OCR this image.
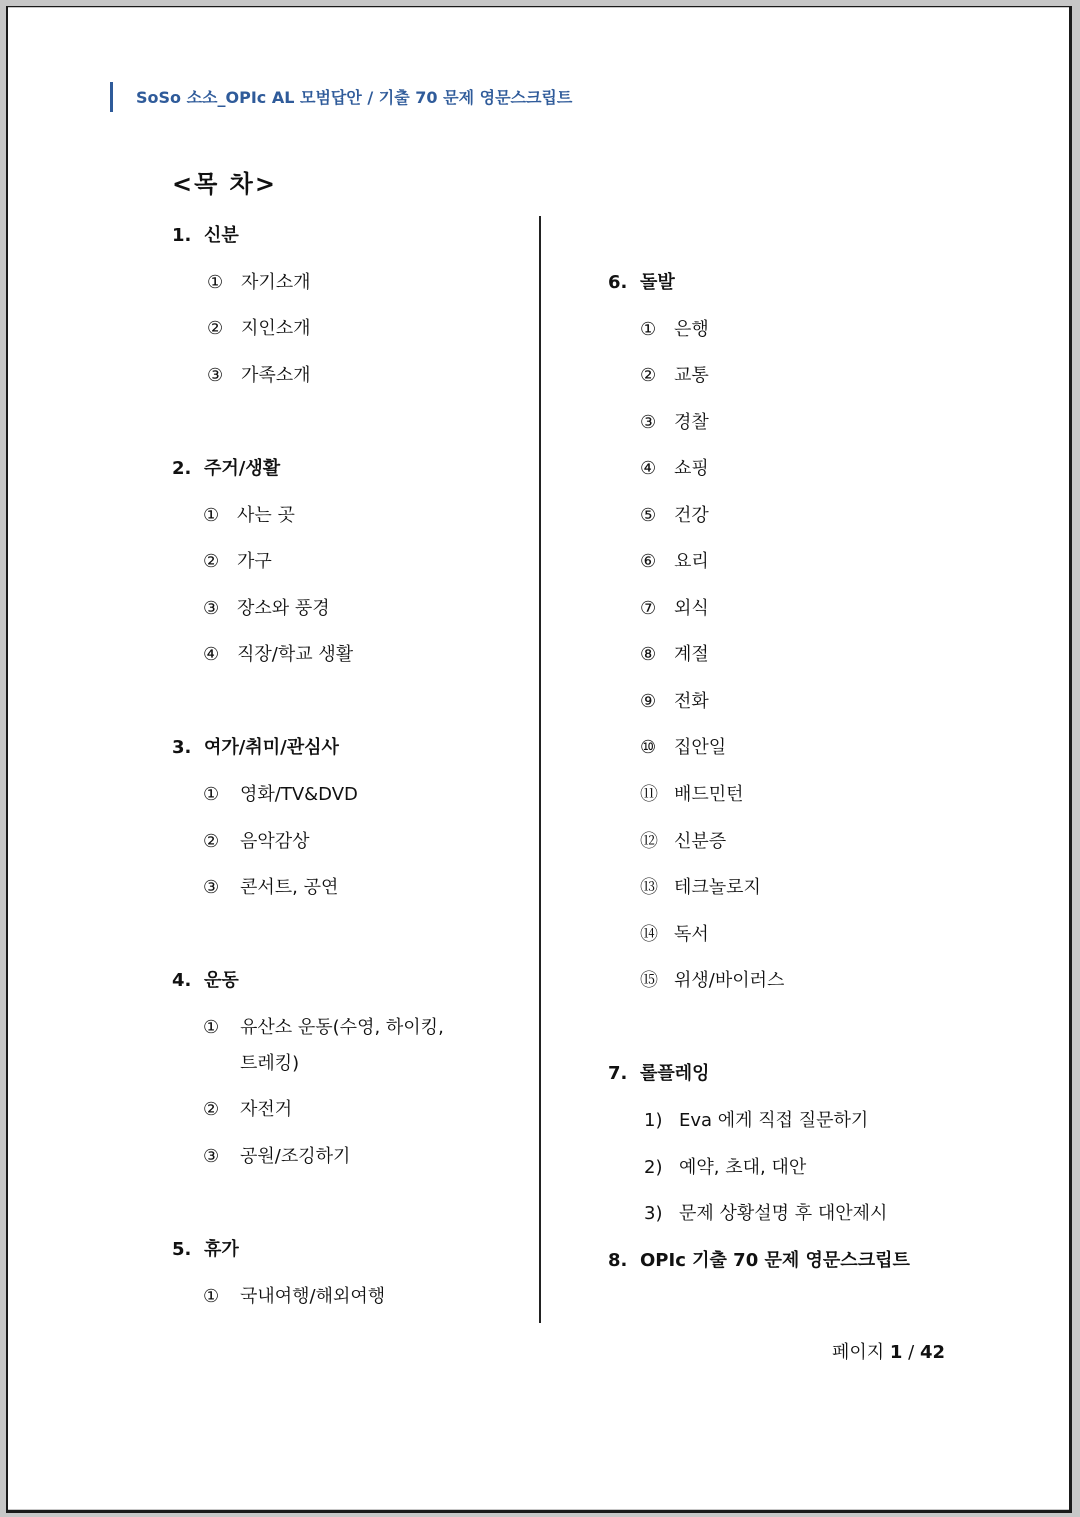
SoSo 소소_OPIc AL 모범답안 / 기출 70 문제 영문스크립트
<목 차>
1. 신분
① 자기소개
② 지인소개
③ 가족소개
2. 주거/생활
① 사는 곳
② 가구
③ 장소와 풍경
④ 직장/학교 생활
3. 여가/취미/관심사
① 영화/TV&DVD
② 음악감상
③ 콘서트, 공연
4. 운동
① 유산소 운동(수영, 하이킹,
트레킹)
② 자전거
③ 공원/조깅하기
5. 휴가
① 국내여행/해외여행
6. 돌발
① 은행
② 교통
③ 경찰
④ 쇼핑
⑤ 건강
⑥ 요리
⑦ 외식
⑧ 계절
⑨ 전화
⑩ 집안일
⑪ 배드민턴
⑫ 신분증
⑬ 테크놀로지
⑭ 독서
⑮ 위생/바이러스
7. 롤플레잉
1) Eva 에게 직접 질문하기
2) 예약, 초대, 대안
3) 문제 상황설명 후 대안제시
8. OPIc 기출 70 문제 영문스크립트
페이지 1 / 42
